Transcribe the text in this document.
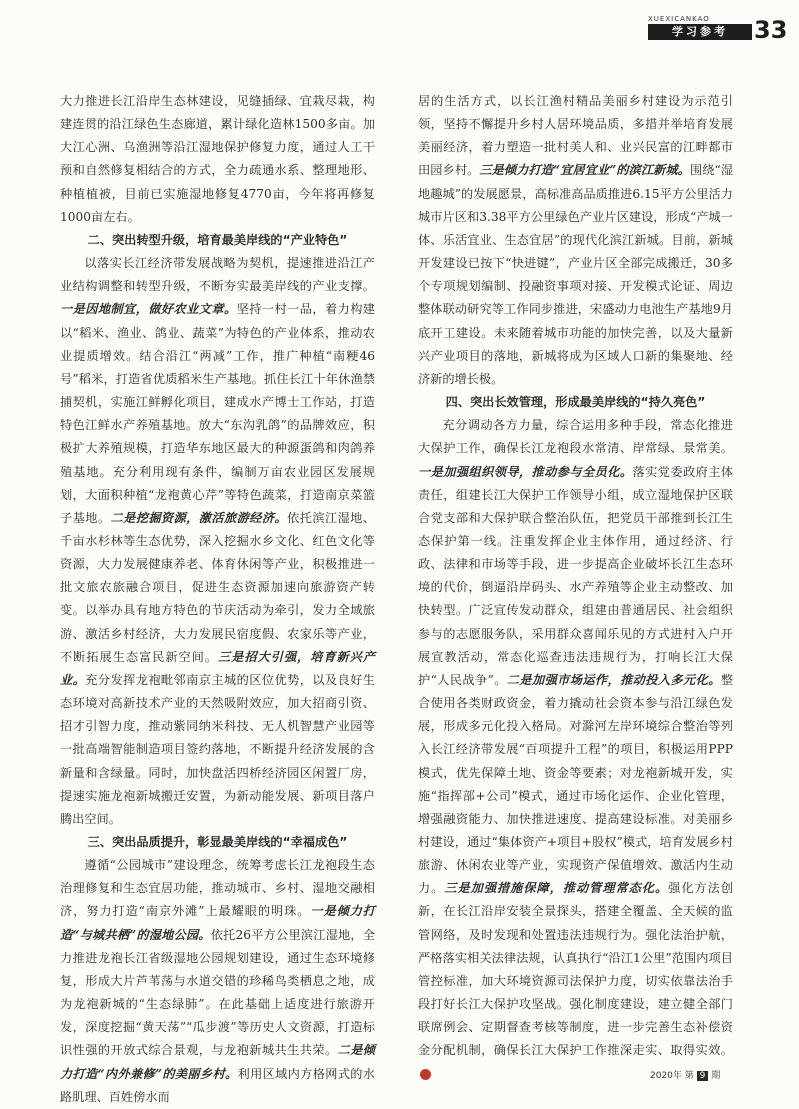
XUEXICANKAO
学习参考	33

大力推进长江沿岸生态林建设，见缝插绿、宜栽尽栽，构建连贯的沿江绿色生态廊道，累计绿化造林1500多亩。加大江心洲、乌渔洲等沿江湿地保护修复力度，通过人工干预和自然修复相结合的方式，全力疏通水系、整理地形、种植植被，目前已实施湿地修复4770亩，今年将再修复1000亩左右。

二、突出转型升级，培育最美岸线的“产业特色”

以落实长江经济带发展战略为契机，提速推进沿江产业结构调整和转型升级，不断夯实最美岸线的产业支撑。一是因地制宜，做好农业文章。坚持一村一品，着力构建以“稻米、渔业、鸽业、蔬菜”为特色的产业体系，推动农业提质增效。结合沿江“两减”工作，推广种植“南粳46号”稻米，打造省优质稻米生产基地。抓住长江十年休渔禁捕契机，实施江鲜孵化项目，建成水产博士工作站，打造特色江鲜水产养殖基地。放大“东沟乳鸽”的品牌效应，积极扩大养殖规模，打造华东地区最大的种源蛋鸽和肉鸽养殖基地。充分利用现有条件，编制万亩农业园区发展规划，大面积种植“龙袍黄心芹”等特色蔬菜，打造南京菜篮子基地。二是挖掘资源，激活旅游经济。依托滨江湿地、千亩水杉林等生态优势，深入挖掘水乡文化、红色文化等资源，大力发展健康养老、体育休闲等产业，积极推进一批文旅农旅融合项目，促进生态资源加速向旅游资产转变。以举办具有地方特色的节庆活动为牵引，发力全域旅游、激活乡村经济，大力发展民宿度假、农家乐等产业，不断拓展生态富民新空间。三是招大引强，培育新兴产业。充分发挥龙袍毗邻南京主城的区位优势，以及良好生态环境对高新技术产业的天然吸附效应，加大招商引资、招才引智力度，推动紫同纳米科技、无人机智慧产业园等一批高端智能制造项目签约落地，不断提升经济发展的含新量和含绿量。同时，加快盘活四桥经济园区闲置厂房，提速实施龙袍新城搬迁安置，为新动能发展、新项目落户腾出空间。

三、突出品质提升，彰显最美岸线的“幸福成色”

遵循“公园城市”建设理念，统筹考虑长江龙袍段生态治理修复和生态宜居功能，推动城市、乡村、湿地交融相济，努力打造“南京外滩”上最耀眼的明珠。一是倾力打造“与城共栖”的湿地公园。依托26平方公里滨江湿地，全力推进龙袍长江省级湿地公园规划建设，通过生态环境修复，形成大片芦苇荡与水道交错的珍稀鸟类栖息之地，成为龙袍新城的“生态绿肺”。在此基础上适度进行旅游开发，深度挖掘“黄天荡”“瓜步渡”等历史人文资源，打造标识性强的开放式综合景观，与龙袍新城共生共荣。二是倾力打造“内外兼修”的美丽乡村。利用区域内方格网式的水路肌理、百姓傍水而

居的生活方式，以长江渔村精品美丽乡村建设为示范引领，坚持不懈提升乡村人居环境品质，多措并举培育发展美丽经济，着力塑造一批村美人和、业兴民富的江畔都市田园乡村。三是倾力打造“宜居宜业”的滨江新城。围绕“湿地趣城”的发展愿景，高标准高品质推进6.15平方公里活力城市片区和3.38平方公里绿色产业片区建设，形成“产城一体、乐活宜业、生态宜居”的现代化滨江新城。目前，新城开发建设已按下“快进键”，产业片区全部完成搬迁，30多个专项规划编制、投融资事项对接、开发模式论证、周边整体联动研究等工作同步推进，宋盛动力电池生产基地9月底开工建设。未来随着城市功能的加快完善，以及大量新兴产业项目的落地，新城将成为区域人口新的集聚地、经济新的增长极。

四、突出长效管理，形成最美岸线的“持久亮色”

充分调动各方力量，综合运用多种手段，常态化推进大保护工作，确保长江龙袍段水常清、岸常绿、景常美。一是加强组织领导，推动参与全员化。落实党委政府主体责任，组建长江大保护工作领导小组，成立湿地保护区联合党支部和大保护联合整治队伍，把党员干部推到长江生态保护第一线。注重发挥企业主体作用，通过经济、行政、法律和市场等手段，进一步提高企业破坏长江生态环境的代价，倒逼沿岸码头、水产养殖等企业主动整改、加快转型。广泛宣传发动群众，组建由普通居民、社会组织参与的志愿服务队，采用群众喜闻乐见的方式进村入户开展宣教活动，常态化巡查违法违规行为，打响长江大保护“人民战争”。二是加强市场运作，推动投入多元化。整合使用各类财政资金，着力撬动社会资本参与沿江绿色发展，形成多元化投入格局。对滁河左岸环境综合整治等列入长江经济带发展“百项提升工程”的项目，积极运用PPP模式，优先保障土地、资金等要素；对龙袍新城开发，实施“指挥部+公司”模式，通过市场化运作、企业化管理，增强融资能力、加快推进速度、提高建设标准。对美丽乡村建设，通过“集体资产+项目+股权”模式，培育发展乡村旅游、休闲农业等产业，实现资产保值增效、激活内生动力。三是加强措施保障，推动管理常态化。强化方法创新，在长江沿岸安装全景探头，搭建全覆盖、全天候的监管网络，及时发现和处置违法违规行为。强化法治护航，严格落实相关法律法规，认真执行“沿江1公里”范围内项目管控标准，加大环境资源司法保护力度，切实依靠法治手段打好长江大保护攻坚战。强化制度建设，建立健全部门联席例会、定期督查考核等制度，进一步完善生态补偿资金分配机制，确保长江大保护工作推深走实、取得实效。

2020年 第 9 期
